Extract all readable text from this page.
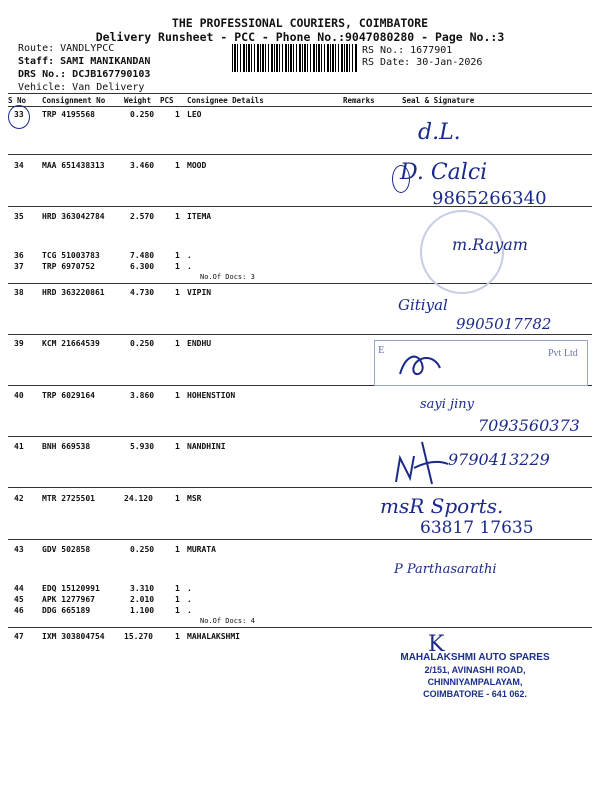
THE PROFESSIONAL COURIERS, COIMBATORE
Delivery Runsheet - PCC - Phone No.:9047080280 - Page No.:3
Route: VANDLYPCC
Staff: SAMI MANIKANDAN
DRS No.: DCJB167790103
Vehicle: Van Delivery
RS No.: 1677901
RS Date: 30-Jan-2026
S No Consignment No	Weight PCS Consignee Details	Remarks	Seal & Signature
33 TRP 4195568	0.250	1 LEO
34 MAA 651438313	3.460	1 MOOD
35 HRD 363042784	2.570	1 ITEMA
36 TCG 51003783	7.480	1 .
37 TRP 6970752	6.300	1 .
No.Of Docs: 3
38 HRD 363220861	4.730	1 VIPIN
39 KCM 21664539	0.250	1 ENDHU
40 TRP 6029164	3.860	1 HOHENSTION
41 BNH 669538	5.930	1 NANDHINI
42 MTR 2725501	24.120	1 MSR
43 GDV 502858	0.250	1 MURATA
44 EDQ 15120991	3.310	1 .
45 APK 1277967	2.010	1 .
46 DDG 665189	1.100	1 .
No.Of Docs: 4
47 IXM 303804754 15.270	1 MAHALAKSHMI
d.L.
D. Calci
9865266340
m.Rayam
Gitiyal
9905017782
E	Pvt Ltd
sayi jiny
7093560373
9790413229
msR Sports.
63817 17635
P Parthasarathi
K
MAHALAKSHMI AUTO SPARES
2/151, AVINASHI ROAD,
CHINNIYAMPALAYAM,
COIMBATORE - 641 062.
